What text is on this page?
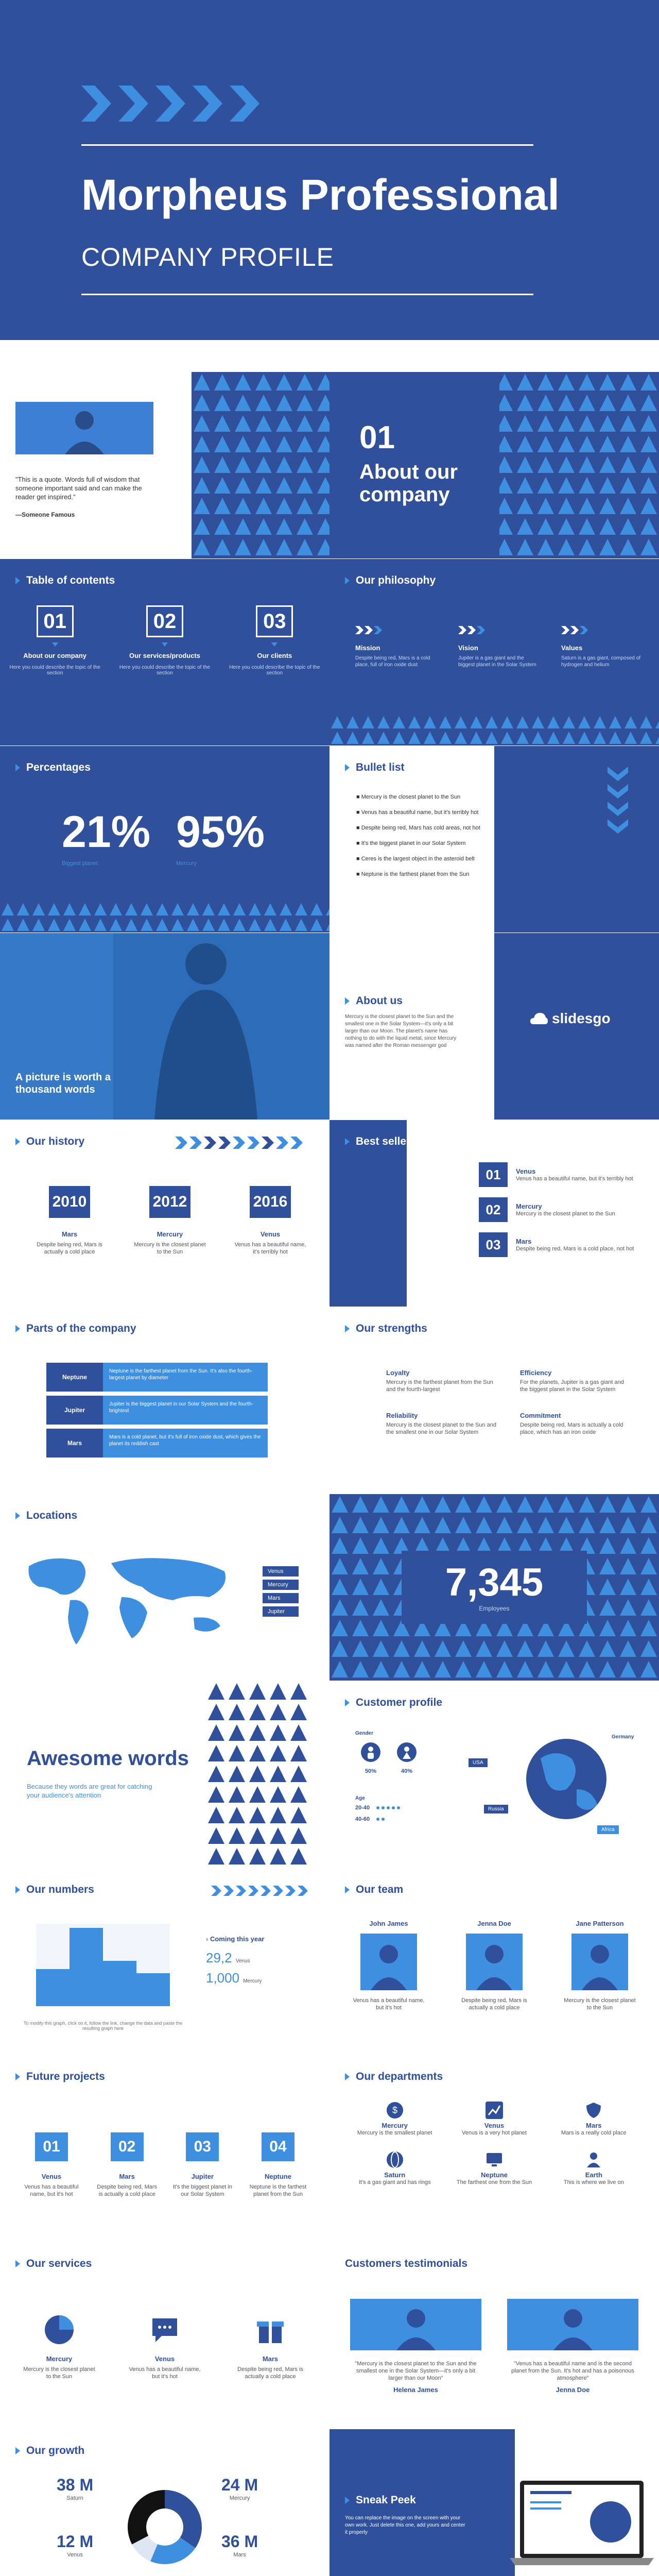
Morpheus Professional
COMPANY PROFILE
"This is a quote. Words full of wisdom that someone important said and can make the reader get inspired."
—Someone Famous
01
About our company
Table of contents
01
About our company
Here you could describe the topic of the section
02
Our services/products
Here you could describe the topic of the section
03
Our clients
Here you could describe the topic of the section
Our philosophy
Mission
Despite being red, Mars is a cold place, full of iron oxide dust
Vision
Jupiter is a gas giant and the biggest planet in the Solar System
Values
Saturn is a gas giant, composed of hydrogen and helium
Percentages
21%
Biggest planet
95%
Mercury
Bullet list
■ Mercury is the closest planet to the Sun
■ Venus has a beautiful name, but it's terribly hot
■ Despite being red, Mars has cold areas, not hot
■ It's the biggest planet in our Solar System
■ Ceres is the largest object in the asteroid belt
■ Neptune is the farthest planet from the Sun
A picture is worth a thousand words
About us
Mercury is the closest planet to the Sun and the smallest one in the Solar System—it's only a bit larger than our Moon. The planet's name has nothing to do with the liquid metal, since Mercury was named after the Roman messenger god
slidesgo
Our history
2010
Mars
Despite being red, Mars is actually a cold place
2012
Mercury
Mercury is the closest planet to the Sun
2016
Venus
Venus has a beautiful name, it's terribly hot
Best sellers
01	Venus
Venus has a beautiful name, but it's terribly hot
02	Mercury
Mercury is the closest planet to the Sun
03	Mars
Despite being red, Mars is a cold place, not hot
Parts of the company
Neptune
Neptune is the farthest planet from the Sun. It's also the fourth-largest planet by diameter
Jupiter
Jupiter is the biggest planet in our Solar System and the fourth-brightest
Mars
Mars is a cold planet, but it's full of iron oxide dust, which gives the planet its reddish cast
Our strengths
Loyalty
Mercury is the farthest planet from the Sun and the fourth-largest
Efficiency
For the planets, Jupiter is a gas giant and the biggest planet in the Solar System
Reliability
Mercury is the closest planet to the Sun and the smallest one in our Solar System
Commitment
Despite being red, Mars is actually a cold place, which has an iron oxide
Locations
Venus
Mercury
Mars
Jupiter
7,345
Employees
Awesome words
Because they words are great for catching your audience's attention
Customer profile
Gender
50%	40%
Age
20-40
40-60
USA
Germany
Russia
Africa
Our numbers
To modify this graph, click on it, follow the link, change the data and paste the resulting graph here
› Coming this year
29,2 Venus
1,000 Mercury
Our team
John James
Venus has a beautiful name, but it's hot
Jenna Doe
Despite being red, Mars is actually a cold place
Jane Patterson
Mercury is the closest planet to the Sun
Future projects
01
Venus
Venus has a beautiful name, but it's hot
02
Mars
Despite being red, Mars is actually a cold place
03
Jupiter
It's the biggest planet in our Solar System
04
Neptune
Neptune is the farthest planet from the Sun
Our departments
$
Mercury
Mercury is the smallest planet
Venus
Venus is a very hot planet
Mars
Mars is a really cold place
Saturn
It's a gas giant and has rings
Neptune
The farthest one from the Sun
Earth
This is where we live on
Our services
Mercury
Mercury is the closest planet to the Sun
Venus
Venus has a beautiful name, but it's hot
Mars
Despite being red, Mars is actually a cold place
Customers testimonials
"Mercury is the closest planet to the Sun and the smallest one in the Solar System—it's only a bit larger than our Moon"
Helena James
"Venus has a beautiful name and is the second planet from the Sun. It's hot and has a poisonous atmosphere"
Jenna Doe
Our growth
38 M
Saturn
24 M
Mercury
12 M
Venus
36 M
Mars
Sneak Peek
You can replace the image on the screen with your own work. Just delete this one, add yours and center it properly
